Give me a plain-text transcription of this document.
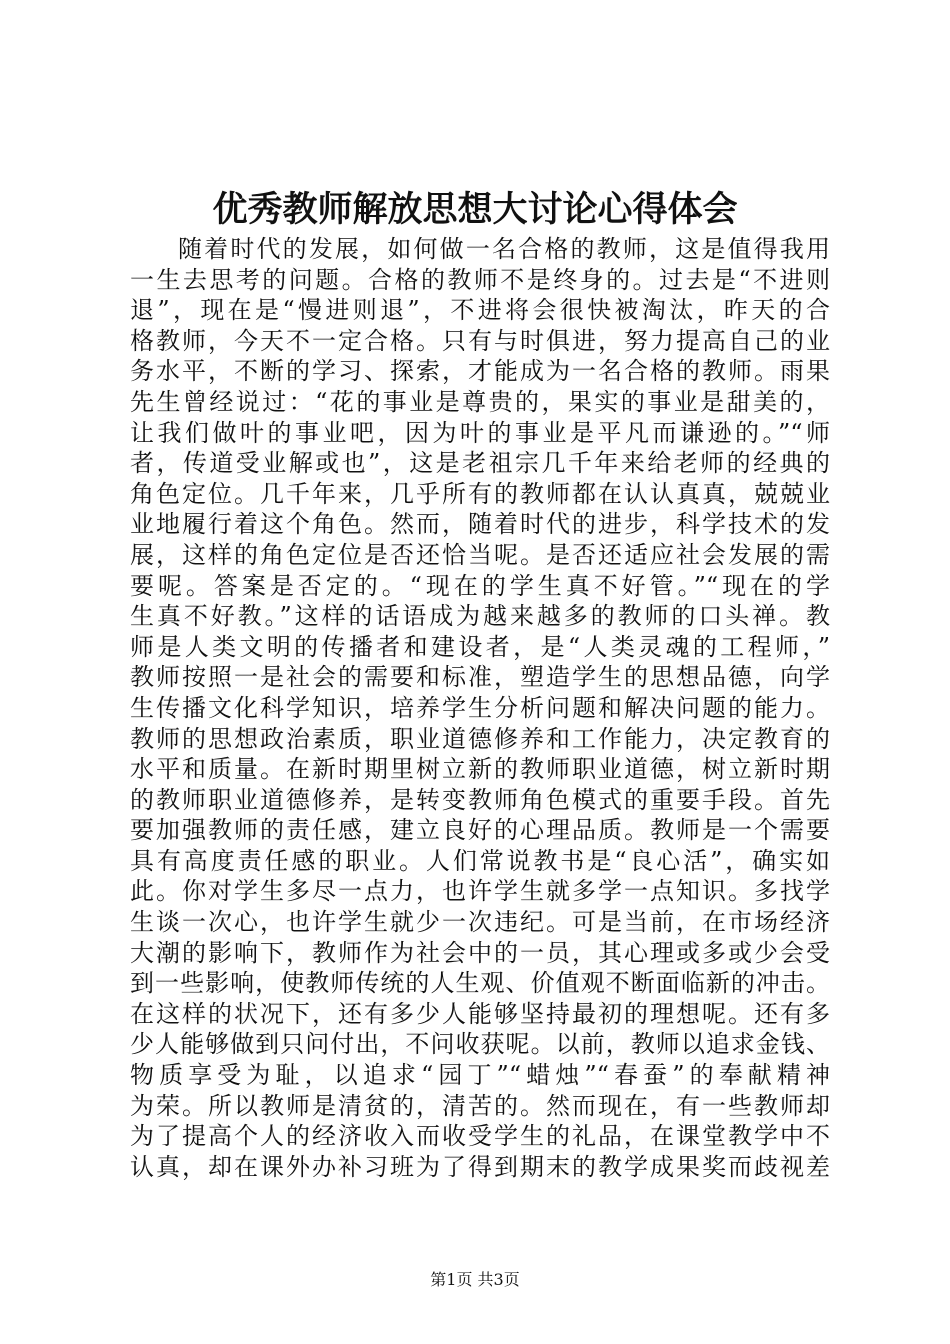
优秀教师解放思想大讨论心得体会
随着时代的发展，如何做一名合格的教师，这是值得我用
一生去思考的问题。合格的教师不是终身的。过去是“不进则
退”，现在是“慢进则退”，不进将会很快被淘汰，昨天的合
格教师，今天不一定合格。只有与时俱进，努力提高自己的业
务水平，不断的学习、探索，才能成为一名合格的教师。雨果
先生曾经说过：“花的事业是尊贵的，果实的事业是甜美的，
让我们做叶的事业吧，因为叶的事业是平凡而谦逊的。”“师
者，传道受业解或也”，这是老祖宗几千年来给老师的经典的
角色定位。几千年来，几乎所有的教师都在认认真真，兢兢业
业地履行着这个角色。然而，随着时代的进步，科学技术的发
展，这样的角色定位是否还恰当呢。是否还适应社会发展的需
要呢。答案是否定的。“现在的学生真不好管。”“现在的学
生真不好教。”这样的话语成为越来越多的教师的口头禅。教
师是人类文明的传播者和建设者，是“人类灵魂的工程师，”
教师按照一是社会的需要和标准，塑造学生的思想品德，向学
生传播文化科学知识，培养学生分析问题和解决问题的能力。
教师的思想政治素质，职业道德修养和工作能力，决定教育的
水平和质量。在新时期里树立新的教师职业道德，树立新时期
的教师职业道德修养，是转变教师角色模式的重要手段。首先
要加强教师的责任感，建立良好的心理品质。教师是一个需要
具有高度责任感的职业。人们常说教书是“良心活”，确实如
此。你对学生多尽一点力，也许学生就多学一点知识。多找学
生谈一次心，也许学生就少一次违纪。可是当前，在市场经济
大潮的影响下，教师作为社会中的一员，其心理或多或少会受
到一些影响，使教师传统的人生观、价值观不断面临新的冲击。
在这样的状况下，还有多少人能够坚持最初的理想呢。还有多
少人能够做到只问付出，不问收获呢。以前，教师以追求金钱、
物质享受为耻，以追求“园丁”“蜡烛”“春蚕”的奉献精神
为荣。所以教师是清贫的，清苦的。然而现在，有一些教师却
为了提高个人的经济收入而收受学生的礼品，在课堂教学中不
认真，却在课外办补习班为了得到期末的教学成果奖而歧视差
第1页 共3页
